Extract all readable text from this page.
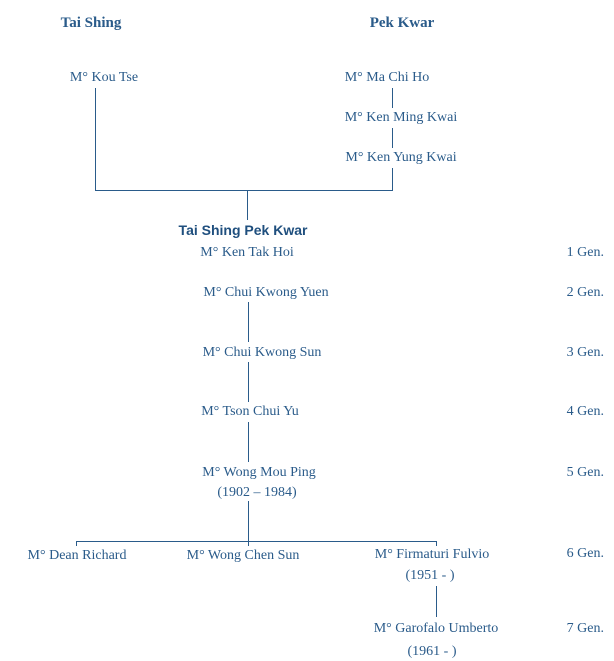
Tai Shing	Pek Kwar
M° Kou Tse	M° Ma Chi Ho
M° Ken Ming Kwai
M° Ken Yung Kwai
Tai Shing Pek Kwar
M° Ken Tak Hoi
M° Chui Kwong Yuen
M° Chui Kwong Sun
M° Tson Chui Yu
M° Wong Mou Ping
(1902 – 1984)
M° Dean Richard	M° Wong Chen Sun	M° Firmaturi Fulvio
(1951 - )
M° Garofalo Umberto
(1961 - )
1 Gen.
2 Gen.
3 Gen.
4 Gen.
5 Gen.
6 Gen.
7 Gen.
